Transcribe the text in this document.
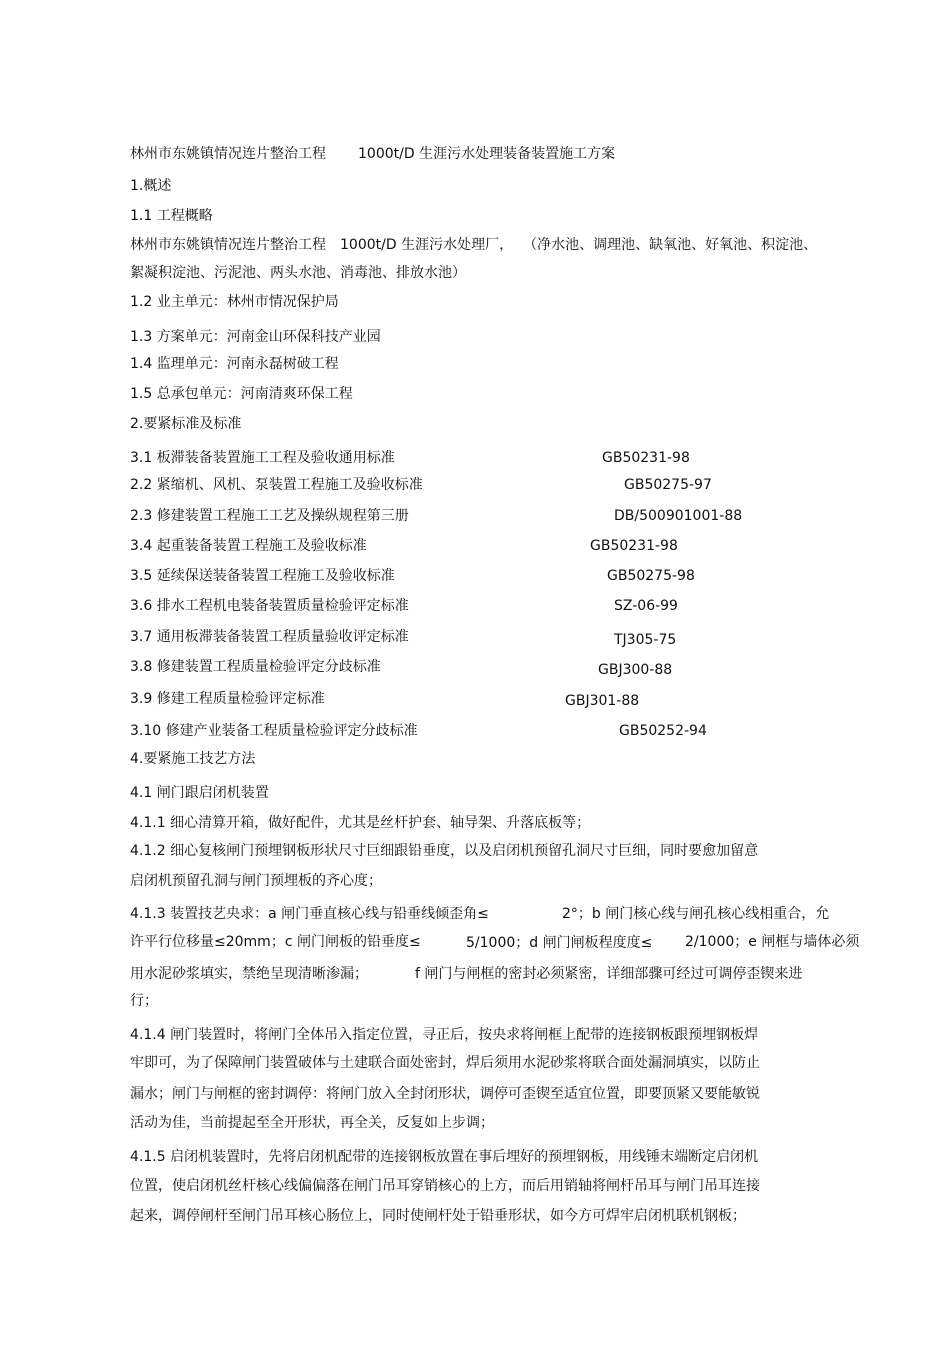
林州市东姚镇情况连片整治工程 1000t/D 生涯污水处理装备装置施工方案
1.概述
1.1 工程概略
林州市东姚镇情况连片整治工程 1000t/D 生涯污水处理厂， （净水池、调理池、缺氧池、好氧池、积淀池、
絮凝积淀池、污泥池、两头水池、消毒池、排放水池）
1.2 业主单元：林州市情况保护局
1.3 方案单元：河南金山环保科技产业园
1.4 监理单元：河南永磊树破工程
1.5 总承包单元：河南清爽环保工程
2.要紧标准及标准
3.1 板滞装备装置施工工程及验收通用标准	GB50231-98
2.2 紧缩机、风机、泵装置工程施工及验收标准	GB50275-97
2.3 修建装置工程施工工艺及操纵规程第三册	DB/500901001-88
3.4 起重装备装置工程施工及验收标准	GB50231-98
3.5 延续保送装备装置工程施工及验收标准	GB50275-98
3.6 排水工程机电装备装置质量检验评定标准	SZ-06-99
3.7 通用板滞装备装置工程质量验收评定标准	TJ305-75
3.8 修建装置工程质量检验评定分歧标准	GBJ300-88
3.9 修建工程质量检验评定标准	GBJ301-88
3.10 修建产业装备工程质量检验评定分歧标准	GB50252-94
4.要紧施工技艺方法
4.1 闸门跟启闭机装置
4.1.1 细心清算开箱，做好配件，尤其是丝杆护套、轴导架、升落底板等；
4.1.2 细心复核闸门预埋钢板形状尺寸巨细跟铅垂度，以及启闭机预留孔洞尺寸巨细，同时要愈加留意
启闭机预留孔洞与闸门预埋板的齐心度；
4.1.3 装置技艺央求：a 闸门垂直核心线与铅垂线倾歪角≤	2°；b 闸门核心线与闸孔核心线相重合，允
许平行位移量≤20mm；c 闸门闸板的铅垂度≤	5/1000；d 闸门闸板程度度≤ 2/1000；e 闸框与墙体必须
用水泥砂浆填实，禁绝呈现清晰渗漏；	f 闸门与闸框的密封必须紧密，详细部骤可经过可调停歪锲来进
行；
4.1.4 闸门装置时，将闸门全体吊入指定位置，寻正后，按央求将闸框上配带的连接钢板跟预埋钢板焊
牢即可，为了保障闸门装置破体与土建联合面处密封，焊后须用水泥砂浆将联合面处漏洞填实，以防止
漏水；闸门与闸框的密封调停：将闸门放入全封闭形状，调停可歪锲至适宜位置，即要顶紧又要能敏锐
活动为佳，当前提起至全开形状，再全关，反复如上步调；
4.1.5 启闭机装置时，先将启闭机配带的连接钢板放置在事后埋好的预埋钢板，用线锤末端断定启闭机
位置，使启闭机丝杆核心线偏偏落在闸门吊耳穿销核心的上方，而后用销轴将闸杆吊耳与闸门吊耳连接
起来，调停闸杆至闸门吊耳核心肠位上，同时使闸杆处于铅垂形状，如今方可焊牢启闭机联机钢板；
